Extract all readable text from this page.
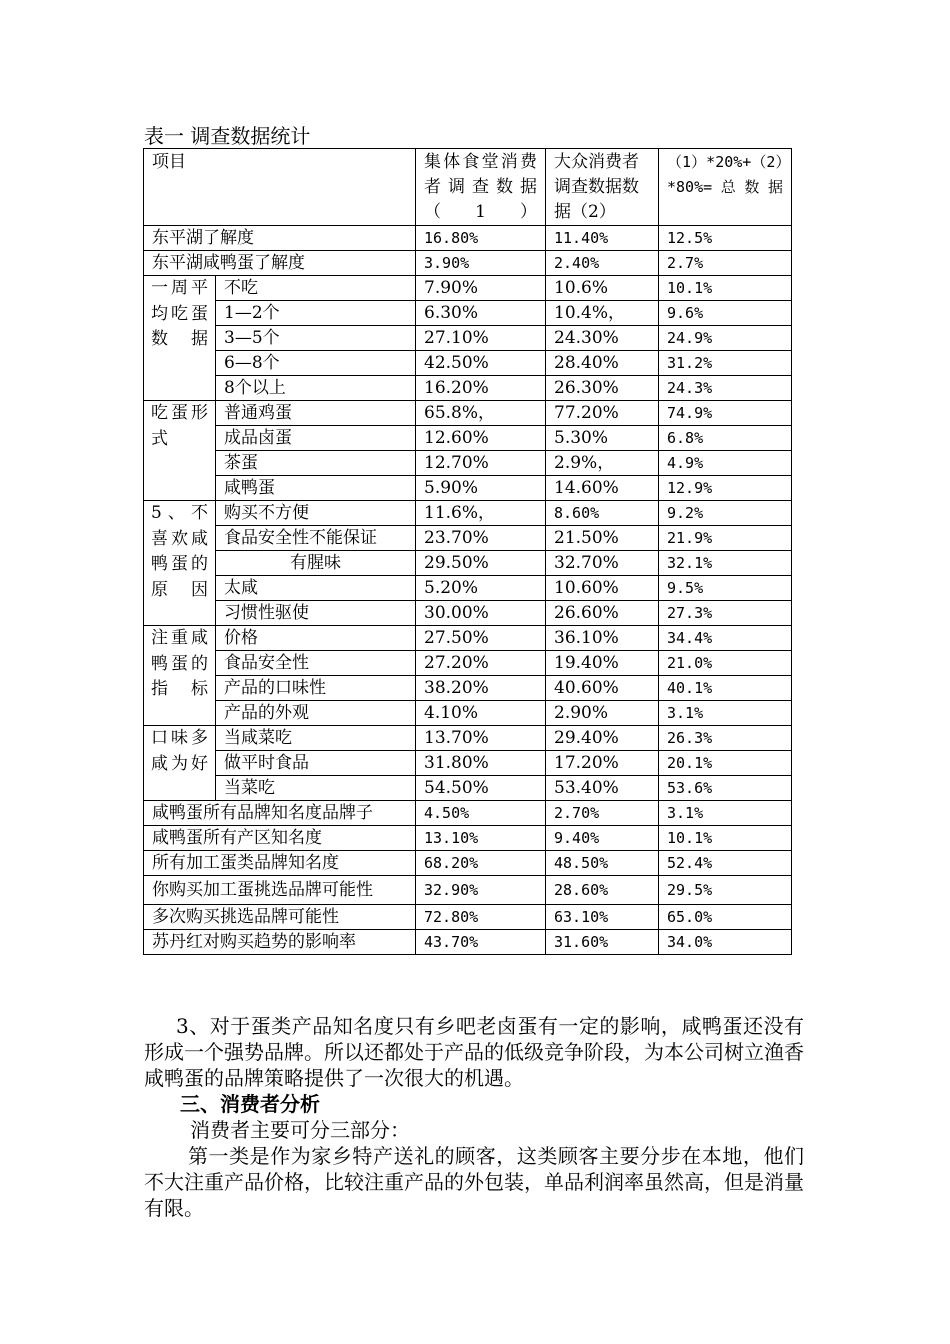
表一 调查数据统计
项目		集体食堂消费者调查数据（1）	大众消费者调查数据数据（2）	（1）*20%+（2）*80%=总数据
东平湖了解度		16.80%	11.40%	12.5%
东平湖咸鸭蛋了解度		3.90%	2.40%	2.7%
一周平均吃蛋数据	不吃	7.90%	10.6%	10.1%
	1—2个	6.30%	10.4%，	9.6%
	3—5个	27.10%	24.30%	24.9%
	6—8个	42.50%	28.40%	31.2%
	8个以上	16.20%	26.30%	24.3%
吃蛋形式	普通鸡蛋	65.8%，	77.20%	74.9%
	成品卤蛋	12.60%	5.30%	6.8%
	茶蛋	12.70%	2.9%，	4.9%
	咸鸭蛋	5.90%	14.60%	12.9%
5、不喜欢咸鸭蛋的原因	购买不方便	11.6%，	8.60%	9.2%
	食品安全性不能保证	23.70%	21.50%	21.9%
	有腥味	29.50%	32.70%	32.1%
	太咸	5.20%	10.60%	9.5%
	习惯性驱使	30.00%	26.60%	27.3%
注重咸鸭蛋的指标	价格	27.50%	36.10%	34.4%
	食品安全性	27.20%	19.40%	21.0%
	产品的口味性	38.20%	40.60%	40.1%
	产品的外观	4.10%	2.90%	3.1%
口味多咸为好	当咸菜吃	13.70%	29.40%	26.3%
	做平时食品	31.80%	17.20%	20.1%
	当菜吃	54.50%	53.40%	53.6%
咸鸭蛋所有品牌知名度品牌子		4.50%	2.70%	3.1%
咸鸭蛋所有产区知名度		13.10%	9.40%	10.1%
所有加工蛋类品牌知名度		68.20%	48.50%	52.4%
你购买加工蛋挑选品牌可能性		32.90%	28.60%	29.5%
多次购买挑选品牌可能性		72.80%	63.10%	65.0%
苏丹红对购买趋势的影响率		43.70%	31.60%	34.0%
3、对于蛋类产品知名度只有乡吧老卤蛋有一定的影响，咸鸭蛋还没有形成一个强势品牌。所以还都处于产品的低级竞争阶段，为本公司树立渔香咸鸭蛋的品牌策略提供了一次很大的机遇。
三、消费者分析
消费者主要可分三部分：
第一类是作为家乡特产送礼的顾客，这类顾客主要分步在本地，他们不大注重产品价格，比较注重产品的外包装，单品利润率虽然高，但是消量有限。
